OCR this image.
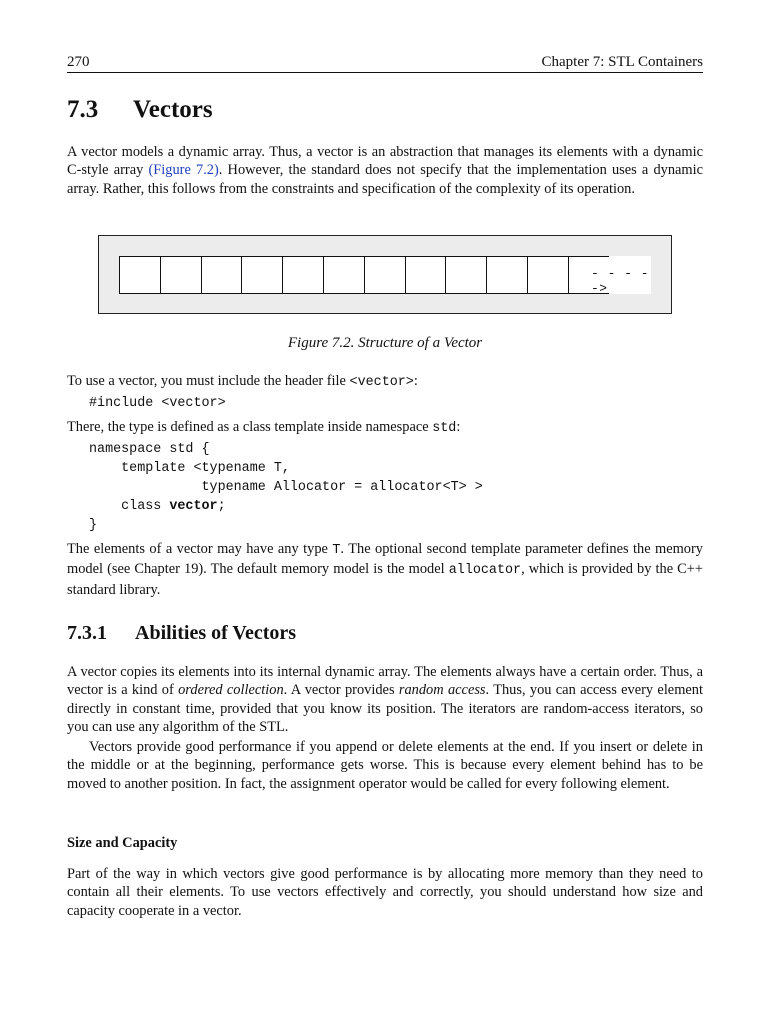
270	Chapter 7: STL Containers
7.3 Vectors

A vector models a dynamic array. Thus, a vector is an abstraction that manages its elements with a dynamic C-style array (Figure 7.2). However, the standard does not specify that the implementation uses a dynamic array. Rather, this follows from the constraints and specification of the complexity of its operation.

- - - - ->
Figure 7.2. Structure of a Vector

To use a vector, you must include the header file <vector>:

#include <vector>

There, the type is defined as a class template inside namespace std:

namespace std {
template <typename T,
typename Allocator = allocator<T> >
class vector;
}

The elements of a vector may have any type T. The optional second template parameter defines the memory model (see Chapter 19). The default memory model is the model allocator, which is provided by the C++ standard library.

7.3.1 Abilities of Vectors

A vector copies its elements into its internal dynamic array. The elements always have a certain order. Thus, a vector is a kind of ordered collection. A vector provides random access. Thus, you can access every element directly in constant time, provided that you know its position. The iterators are random-access iterators, so you can use any algorithm of the STL.

Vectors provide good performance if you append or delete elements at the end. If you insert or delete in the middle or at the beginning, performance gets worse. This is because every element behind has to be moved to another position. In fact, the assignment operator would be called for every following element.

Size and Capacity

Part of the way in which vectors give good performance is by allocating more memory than they need to contain all their elements. To use vectors effectively and correctly, you should understand how size and capacity cooperate in a vector.
